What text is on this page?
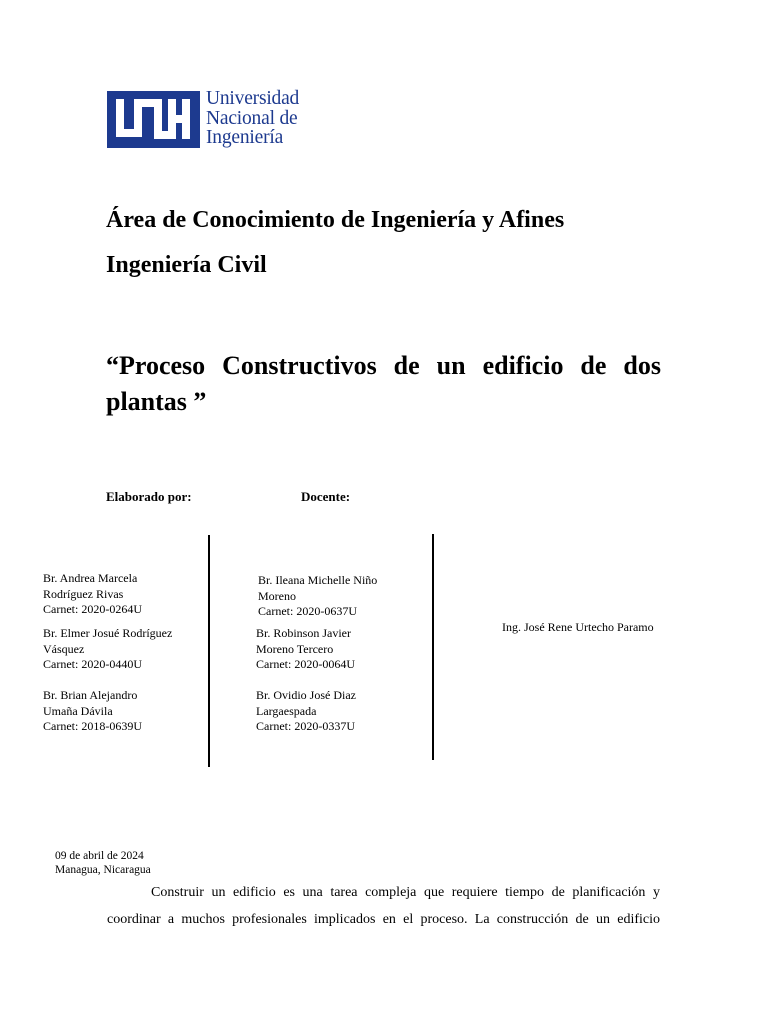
Universidad
Nacional de
Ingeniería
Área de Conocimiento de Ingeniería y Afines
Ingeniería Civil
“Proceso Constructivos de un edificio de dos plantas ”
Elaborado por:	Docente:
Br. Andrea Marcela
Rodríguez Rivas
Carnet: 2020-0264U
Br. Elmer Josué Rodríguez
Vásquez
Carnet: 2020-0440U
Br. Brian Alejandro
Umaña Dávila
Carnet: 2018-0639U
Br. Ileana Michelle Niño
Moreno
Carnet: 2020-0637U
Br. Robinson Javier
Moreno Tercero
Carnet: 2020-0064U
Br. Ovidio José Diaz
Largaespada
Carnet: 2020-0337U
Ing. José Rene Urtecho Paramo
09 de abril de 2024
Managua, Nicaragua
Construir un edificio es una tarea compleja que requiere tiempo de planificación y coordinar a muchos profesionales implicados en el proceso. La construcción de un edificio
